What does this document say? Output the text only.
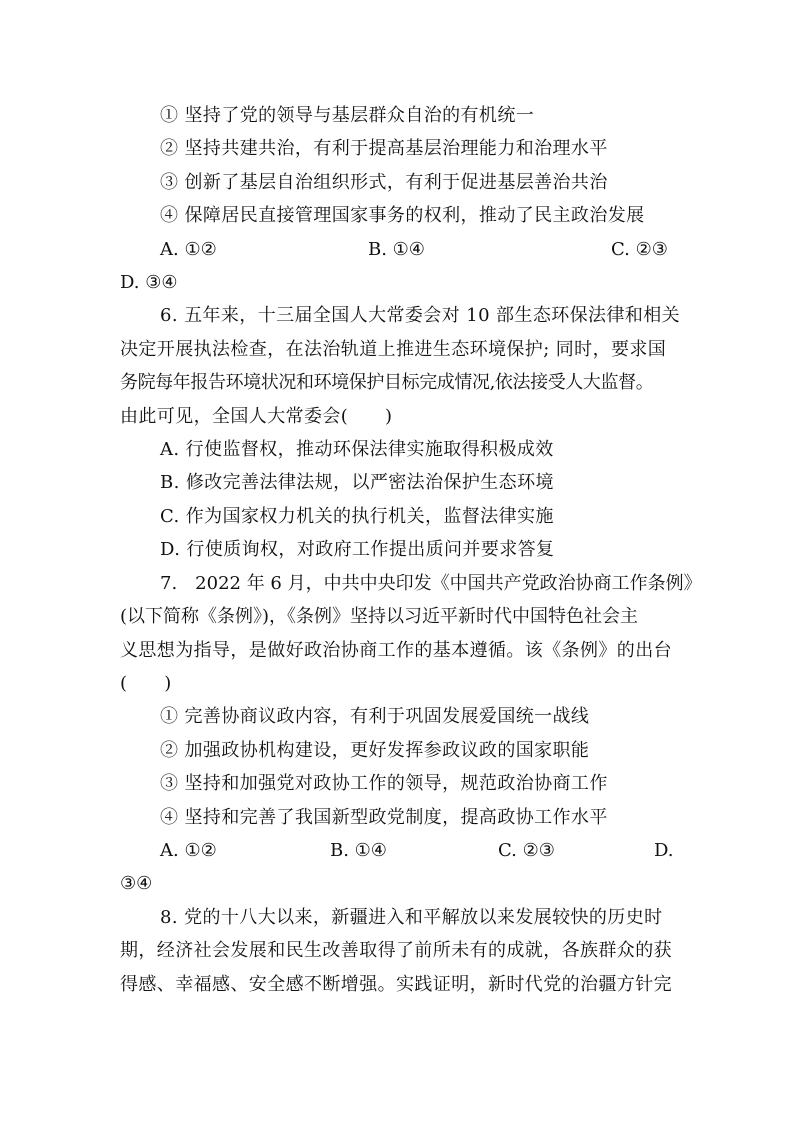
① 坚持了党的领导与基层群众自治的有机统一
② 坚持共建共治，有利于提高基层治理能力和治理水平
③ 创新了基层自治组织形式，有利于促进基层善治共治
④ 保障居民直接管理国家事务的权利，推动了民主政治发展
A. ①②	B. ①④	C. ②③
D. ③④
6. 五年来，十三届全国人大常委会对 10 部生态环保法律和相关
决定开展执法检查，在法治轨道上推进生态环境保护; 同时，要求国
务院每年报告环境状况和环境保护目标完成情况,依法接受人大监督。
由此可见，全国人大常委会(　　)
A. 行使监督权，推动环保法律实施取得积极成效
B. 修改完善法律法规，以严密法治保护生态环境
C. 作为国家权力机关的执行机关，监督法律实施
D. 行使质询权，对政府工作提出质问并要求答复
7.　2022 年 6 月，中共中央印发《中国共产党政治协商工作条例》
(以下简称《条例》)，《条例》坚持以习近平新时代中国特色社会主
义思想为指导，是做好政治协商工作的基本遵循。该《条例》的出台
(　　)
① 完善协商议政内容，有利于巩固发展爱国统一战线
② 加强政协机构建设，更好发挥参政议政的国家职能
③ 坚持和加强党对政协工作的领导，规范政治协商工作
④ 坚持和完善了我国新型政党制度，提高政协工作水平
A. ①②	B. ①④	C. ②③	D.
③④
8. 党的十八大以来，新疆进入和平解放以来发展较快的历史时
期，经济社会发展和民生改善取得了前所未有的成就，各族群众的获
得感、幸福感、安全感不断增强。实践证明，新时代党的治疆方针完
